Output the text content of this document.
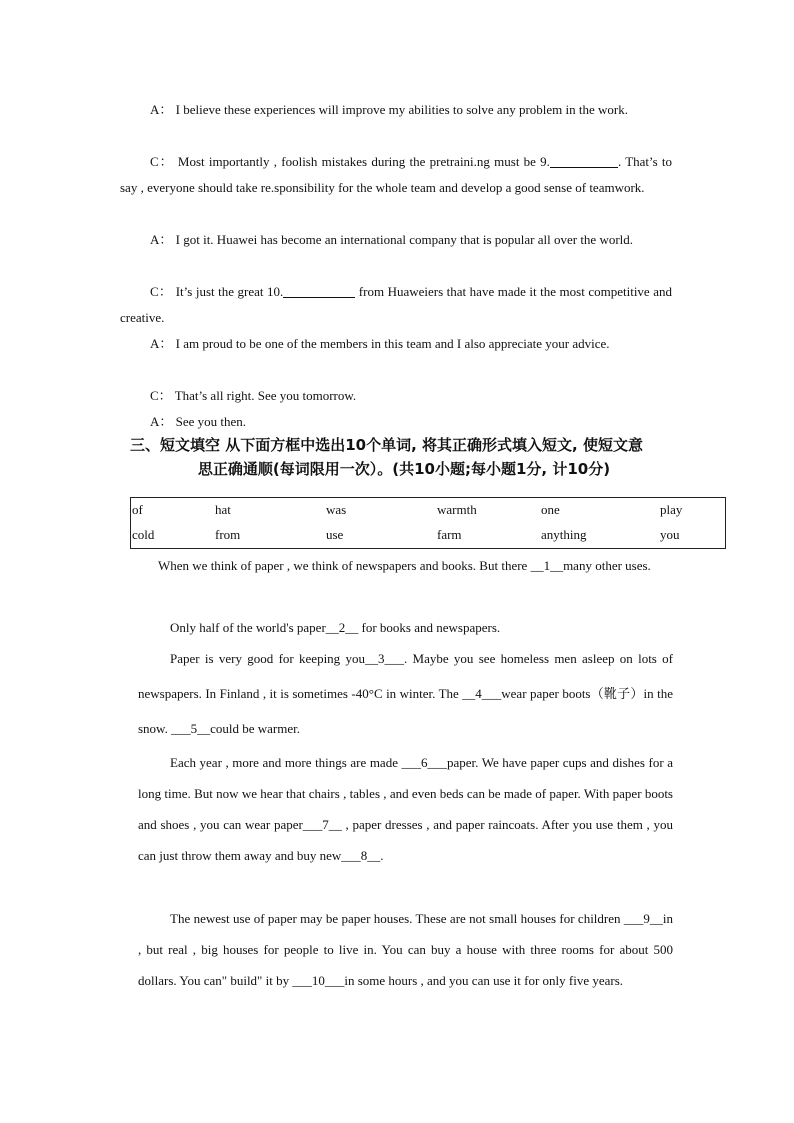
A： I believe these experiences will improve my abilities to solve any problem in the work.
C： Most importantly , foolish mistakes during the pretraini.ng must be 9.	. That’s to say , everyone should take re.sponsibility for the whole team and develop a good sense of teamwork.
A： I got it. Huawei has become an international company that is popular all over the world.
C： It’s just the great 10.	from Huaweiers that have made it the most competitive and creative.
A： I am proud to be one of the members in this team and I also appreciate your advice.
C： That’s all right. See you tomorrow.
A： See you then.
三、短文填空 从下面方框中选出10个单词, 将其正确形式填入短文, 使短文意
思正确通顺(每词限用一次）。(共10小题;每小题1分, 计10分)
of	hat	was	warmth	one	play
cold	from	use	farm	anything	you
When we think of paper , we think of newspapers and books. But there __1__many other uses.
Only half of the world's paper__2__ for books and newspapers.
Paper is very good for keeping you__3___. Maybe you see homeless men asleep on lots of newspapers. In Finland , it is sometimes -40°C in winter. The __4___wear paper boots（靴子）in the snow. ___5__could be warmer.
Each year , more and more things are made ___6___paper. We have paper cups and dishes for a long time. But now we hear that chairs , tables , and even beds can be made of paper. With paper boots and shoes , you can wear paper___7__ , paper dresses , and paper raincoats. After you use them , you can just throw them away and buy new___8__.
The newest use of paper may be paper houses. These are not small houses for children ___9__in , but real , big houses for people to live in. You can buy a house with three rooms for about 500 dollars. You can" build" it by ___10___in some hours , and you can use it for only five years.
